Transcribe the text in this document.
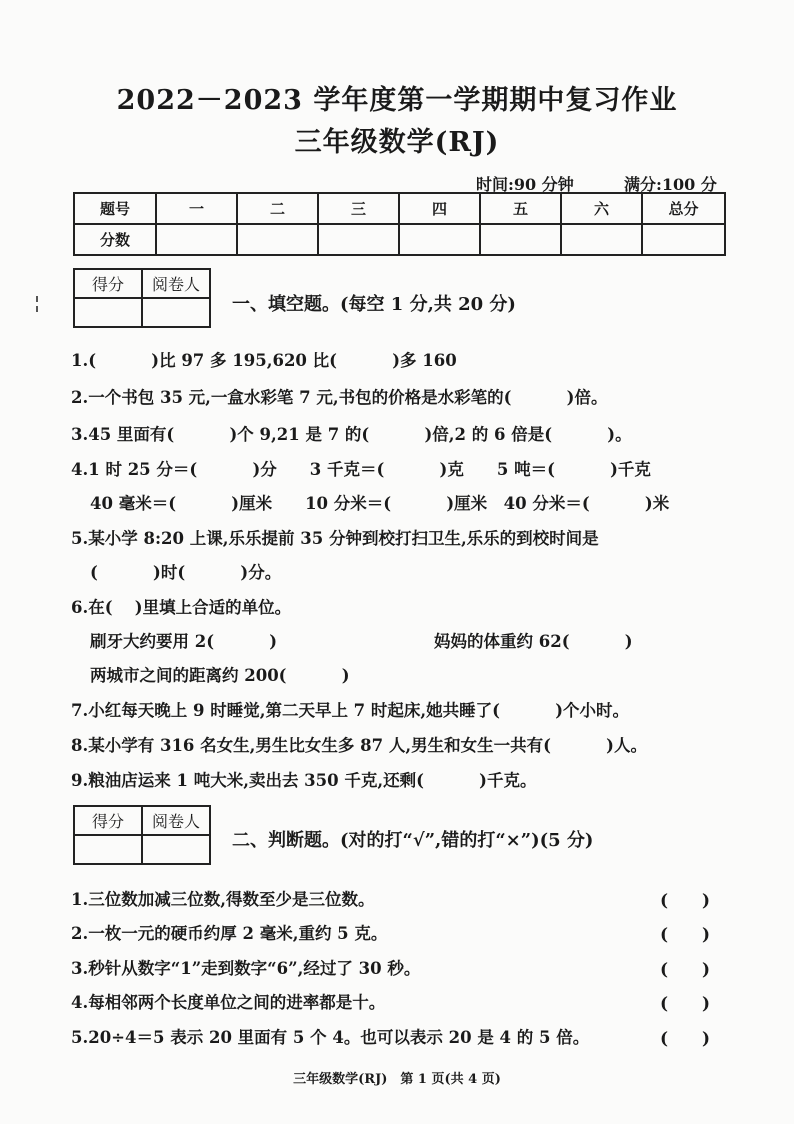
2022－2023 学年度第一学期期中复习作业
三年级数学(RJ)
时间:90 分钟	满分:100 分
题号	一	二	三	四	五	六	总分
分数							
得分	阅卷人

一、填空题。(每空 1 分,共 20 分)
1.(　　　 )比 97 多 195,620 比(　　　 )多 160
2.一个书包 35 元,一盒水彩笔 7 元,书包的价格是水彩笔的(　　　 )倍。
3.45 里面有(　　　 )个 9,21 是 7 的(　　　 )倍,2 的 6 倍是(　　　 )。
4.1 时 25 分＝(　　　 )分　　3 千克＝(　　　 )克　　5 吨＝(　　　 )千克
40 毫米＝(　　　 )厘米　　10 分米＝(　　　 )厘米　40 分米＝(　　　 )米
5.某小学 8:20 上课,乐乐提前 35 分钟到校打扫卫生,乐乐的到校时间是
(　　　 )时(　　　 )分。
6.在(　 )里填上合适的单位。
刷牙大约要用 2(　　　 )	妈妈的体重约 62(　　　 )
两城市之间的距离约 200(　　　 )
7.小红每天晚上 9 时睡觉,第二天早上 7 时起床,她共睡了(　　　 )个小时。
8.某小学有 316 名女生,男生比女生多 87 人,男生和女生一共有(　　　 )人。
9.粮油店运来 1 吨大米,卖出去 350 千克,还剩(　　　 )千克。
得分	阅卷人

二、判断题。(对的打“√”,错的打“×”)(5 分)
1.三位数加减三位数,得数至少是三位数。	(　　)
2.一枚一元的硬币约厚 2 毫米,重约 5 克。	(　　)
3.秒针从数字“1”走到数字“6”,经过了 30 秒。	(　　)
4.每相邻两个长度单位之间的进率都是十。	(　　)
5.20÷4＝5 表示 20 里面有 5 个 4。也可以表示 20 是 4 的 5 倍。	(　　)
三年级数学(RJ)　第 1 页(共 4 页)
